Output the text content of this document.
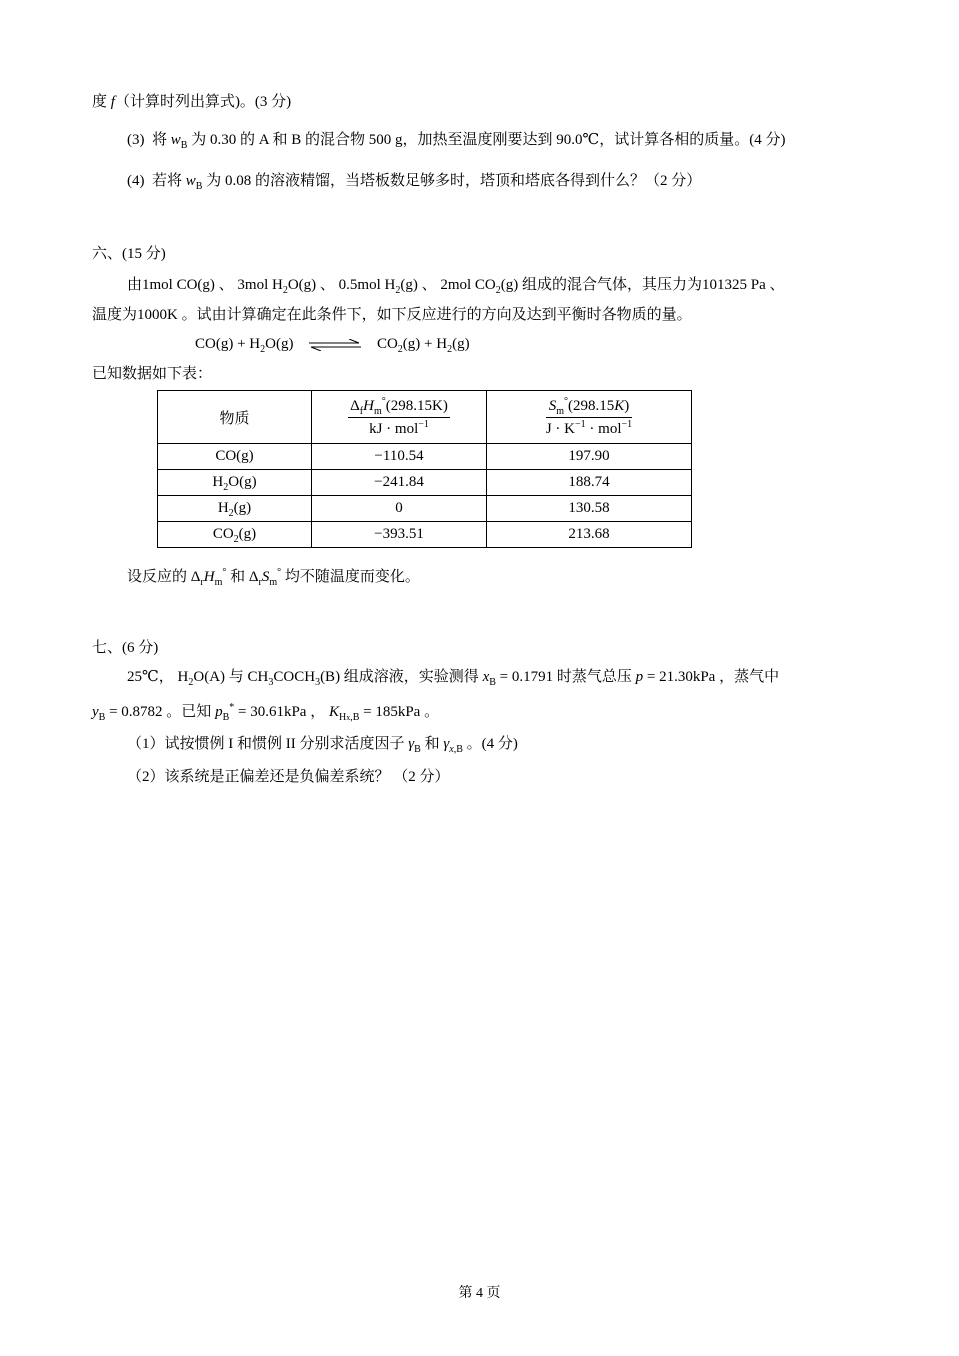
度 f（计算时列出算式)。(3 分)
(3)  将 $w_B$ 为 0.30 的 A 和 B 的混合物 500 g，加热至温度刚要达到 90.0℃，试计算各相的质量。(4 分)
(4)  若将 $w_B$ 为 0.08 的溶液精馏，当塔板数足够多时，塔顶和塔底各得到什么？（2 分）
六、(15 分)
由1mol CO(g) 、 3mol $H_2O(g)$ 、 0.5mol $H_2(g)$ 、 2mol $CO_2(g)$ 组成的混合气体，其压力为101325 Pa 、
温度为1000K 。试由计算确定在此条件下，如下反应进行的方向及达到平衡时各物质的量。
$CO(g) + H_2O(g)$ ⇌ $CO_2(g) + H_2(g)$
已知数据如下表：
物质	$\frac{\Delta_fH_m^\circ(298.15K)}{kJ \cdot mol^{-1}}$	$\frac{S_m^\circ(298.15K)}{J \cdot K^{-1} \cdot mol^{-1}}$

CO(g)	−110.54	197.90
$H_2O(g)$	−241.84	188.74
$H_2(g)$	0	130.58
$CO_2(g)$	−393.51	213.68
设反应的 $\Delta_rH_m^\circ$ 和 $\Delta_rS_m^\circ$ 均不随温度而变化。
七、(6 分)
25℃， $H_2O(A)$ 与 $CH_3COCH_3(B)$ 组成溶液，实验测得 $x_B = 0.1791$ 时蒸气总压 p = 21.30kPa ，蒸气中
$y_B = 0.8782$ 。已知 $p_B^* = 30.61kPa$ ， $K_{Hx,B} = 185kPa$ 。
（1）试按惯例 I 和惯例 II 分别求活度因子 $\gamma_B$ 和 $\gamma_{x,B}$ 。(4 分)
（2）该系统是正偏差还是负偏差系统？ （2 分）
第 4 页
